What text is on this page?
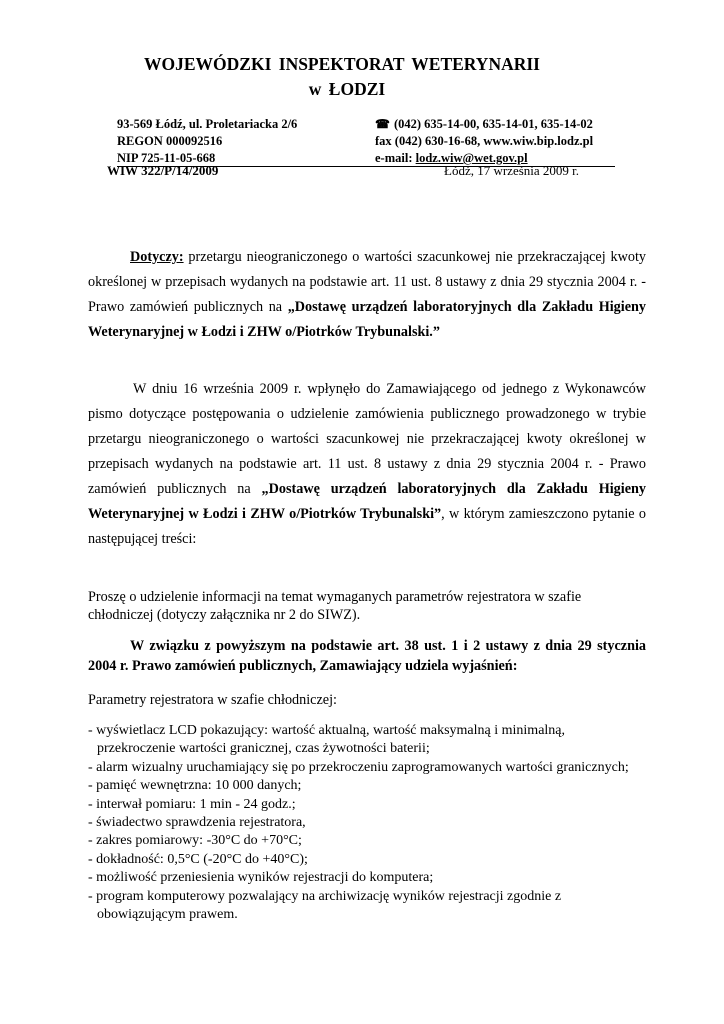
WOJEWÓDZKI INSPEKTORAT WETERYNARII
w ŁODZI
93-569 Łódź, ul. Proletariacka 2/6	☎ (042) 635-14-00, 635-14-01, 635-14-02
REGON 000092516	fax (042) 630-16-68, www.wiw.bip.lodz.pl
NIP 725-11-05-668	e-mail: lodz.wiw@wet.gov.pl
WIW 322/P/14/2009	Łódź, 17 września 2009 r.
Dotyczy: przetargu nieograniczonego o wartości szacunkowej nie przekraczającej kwoty określonej w przepisach wydanych na podstawie art. 11 ust. 8 ustawy z dnia 29 stycznia 2004 r. - Prawo zamówień publicznych na „Dostawę urządzeń laboratoryjnych dla Zakładu Higieny Weterynaryjnej w Łodzi i ZHW o/Piotrków Trybunalski.”
W dniu 16 września 2009 r. wpłynęło do Zamawiającego od jednego z Wykonawców pismo dotyczące postępowania o udzielenie zamówienia publicznego prowadzonego w trybie przetargu nieograniczonego o wartości szacunkowej nie przekraczającej kwoty określonej w przepisach wydanych na podstawie art. 11 ust. 8 ustawy z dnia 29 stycznia 2004 r. - Prawo zamówień publicznych na „Dostawę urządzeń laboratoryjnych dla Zakładu Higieny Weterynaryjnej w Łodzi i ZHW o/Piotrków Trybunalski”, w którym zamieszczono pytanie o następującej treści:
Proszę o udzielenie informacji na temat wymaganych parametrów rejestratora w szafie chłodniczej (dotyczy załącznika nr 2 do SIWZ).
W związku z powyższym na podstawie art. 38 ust. 1 i 2 ustawy z dnia 29 stycznia 2004 r. Prawo zamówień publicznych, Zamawiający udziela wyjaśnień:
Parametry rejestratora w szafie chłodniczej:
- wyświetlacz LCD pokazujący: wartość aktualną, wartość maksymalną i minimalną,
przekroczenie wartości granicznej, czas żywotności baterii;
- alarm wizualny uruchamiający się po przekroczeniu zaprogramowanych wartości granicznych;
- pamięć wewnętrzna: 10 000 danych;
- interwał pomiaru: 1 min - 24 godz.;
- świadectwo sprawdzenia rejestratora,
- zakres pomiarowy: -30°C do +70°C;
- dokładność: 0,5°C (-20°C do +40°C);
- możliwość przeniesienia wyników rejestracji do komputera;
- program komputerowy pozwalający na archiwizację wyników rejestracji zgodnie z
obowiązującym prawem.
